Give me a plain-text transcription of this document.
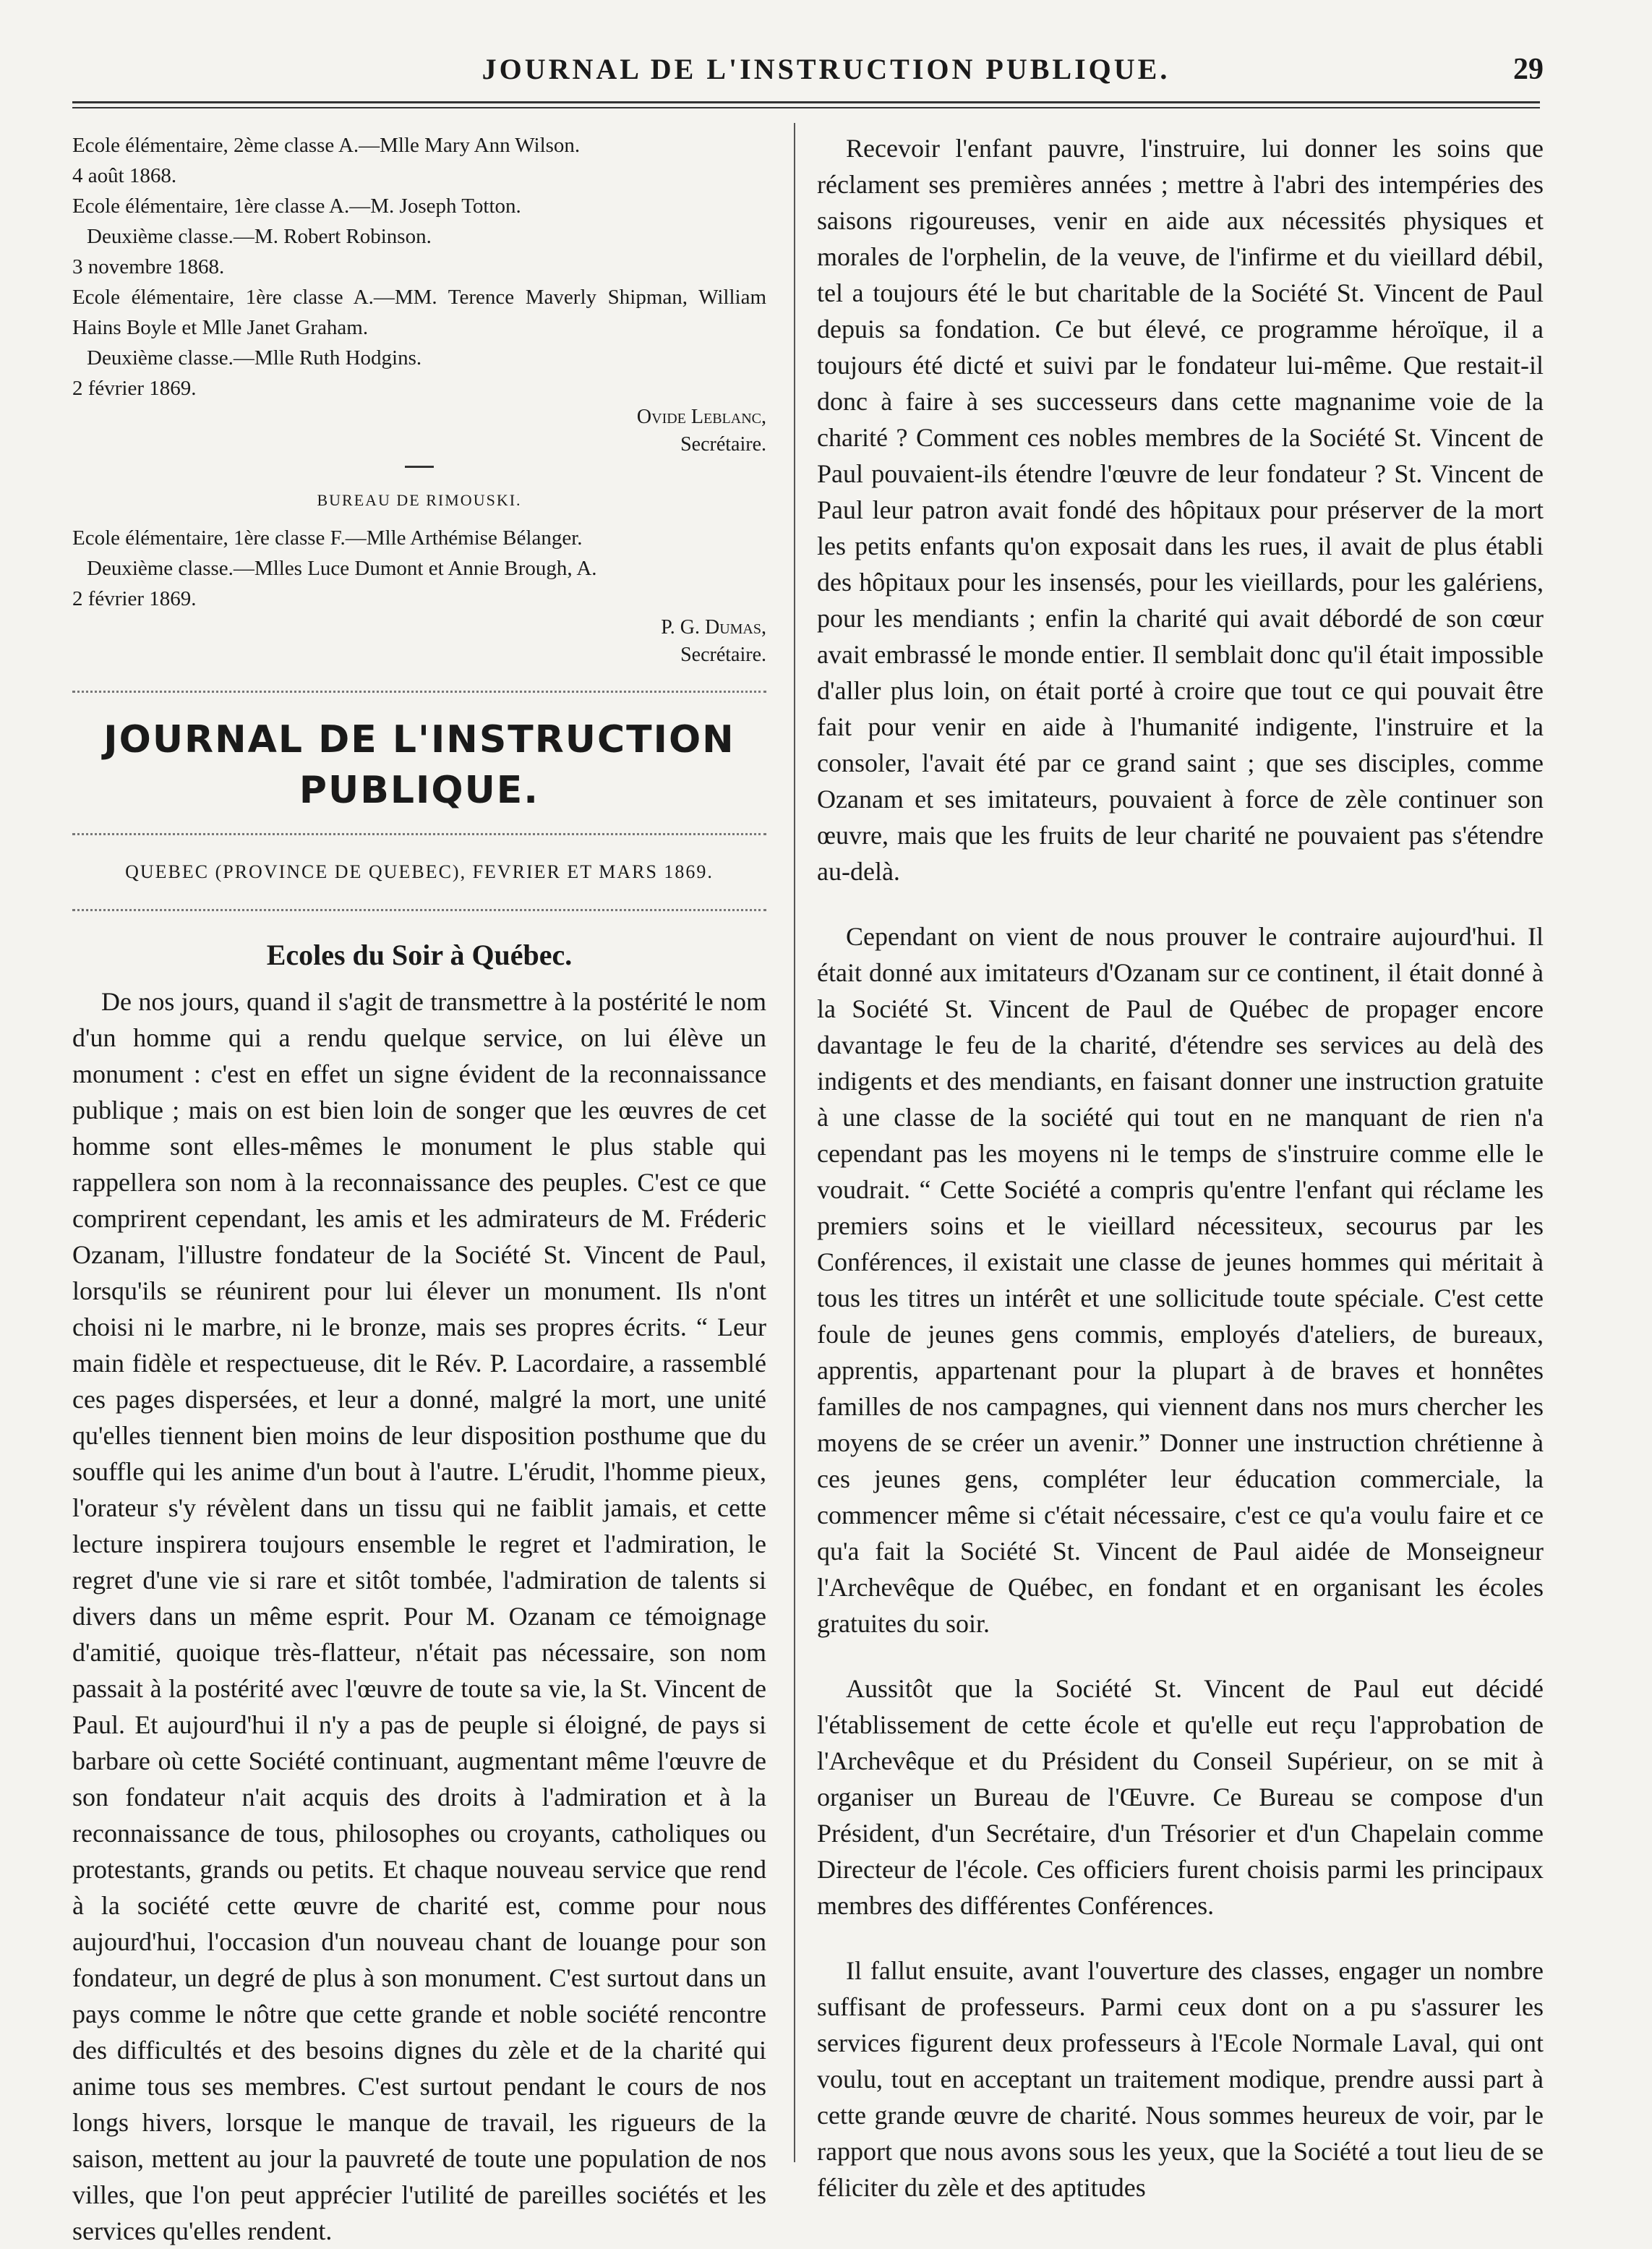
JOURNAL DE L'INSTRUCTION PUBLIQUE.	29

Ecole élémentaire, 2ème classe A.—Mlle Mary Ann Wilson.

4 août 1868.

Ecole élémentaire, 1ère classe A.—M. Joseph Totton.

Deuxième classe.—M. Robert Robinson.

3 novembre 1868.

Ecole élémentaire, 1ère classe A.—MM. Terence Maverly Shipman, William Hains Boyle et Mlle Janet Graham.

Deuxième classe.—Mlle Ruth Hodgins.

2 février 1869.

Ovide Leblanc,
Secrétaire.

BUREAU DE RIMOUSKI.

Ecole élémentaire, 1ère classe F.—Mlle Arthémise Bélanger.

Deuxième classe.—Mlles Luce Dumont et Annie Brough, A.

2 février 1869.

P. G. Dumas,
Secrétaire.

JOURNAL DE L'INSTRUCTION PUBLIQUE.
QUEBEC (PROVINCE DE QUEBEC), FEVRIER ET MARS 1869.
Ecoles du Soir à Québec.

De nos jours, quand il s'agit de transmettre à la postérité le nom d'un homme qui a rendu quelque service, on lui élève un monument : c'est en effet un signe évident de la reconnaissance publique ; mais on est bien loin de songer que les œuvres de cet homme sont elles-mêmes le monument le plus stable qui rappellera son nom à la reconnaissance des peuples. C'est ce que comprirent cependant, les amis et les admirateurs de M. Fréderic Ozanam, l'illustre fondateur de la Société St. Vincent de Paul, lorsqu'ils se réunirent pour lui élever un monument. Ils n'ont choisi ni le marbre, ni le bronze, mais ses propres écrits. “ Leur main fidèle et respectueuse, dit le Rév. P. Lacordaire, a rassemblé ces pages dispersées, et leur a donné, malgré la mort, une unité qu'elles tiennent bien moins de leur disposition posthume que du souffle qui les anime d'un bout à l'autre. L'érudit, l'homme pieux, l'orateur s'y révèlent dans un tissu qui ne faiblit jamais, et cette lecture inspirera toujours ensemble le regret et l'admiration, le regret d'une vie si rare et sitôt tombée, l'admiration de talents si divers dans un même esprit. Pour M. Ozanam ce témoignage d'amitié, quoique très-flatteur, n'était pas nécessaire, son nom passait à la postérité avec l'œuvre de toute sa vie, la St. Vincent de Paul. Et aujourd'hui il n'y a pas de peuple si éloigné, de pays si barbare où cette Société continuant, augmentant même l'œuvre de son fondateur n'ait acquis des droits à l'admiration et à la reconnaissance de tous, philosophes ou croyants, catholiques ou protestants, grands ou petits. Et chaque nouveau service que rend à la société cette œuvre de charité est, comme pour nous aujourd'hui, l'occasion d'un nouveau chant de louange pour son fondateur, un degré de plus à son monument. C'est surtout dans un pays comme le nôtre que cette grande et noble société rencontre des difficultés et des besoins dignes du zèle et de la charité qui anime tous ses membres. C'est surtout pendant le cours de nos longs hivers, lorsque le manque de travail, les rigueurs de la saison, mettent au jour la pauvreté de toute une population de nos villes, que l'on peut apprécier l'utilité de pareilles sociétés et les services qu'elles rendent.

Recevoir l'enfant pauvre, l'instruire, lui donner les soins que réclament ses premières années ; mettre à l'abri des intempéries des saisons rigoureuses, venir en aide aux nécessités physiques et morales de l'orphelin, de la veuve, de l'infirme et du vieillard débil, tel a toujours été le but charitable de la Société St. Vincent de Paul depuis sa fondation. Ce but élevé, ce programme héroïque, il a toujours été dicté et suivi par le fondateur lui-même. Que restait-il donc à faire à ses successeurs dans cette magnanime voie de la charité ? Comment ces nobles membres de la Société St. Vincent de Paul pouvaient-ils étendre l'œuvre de leur fondateur ? St. Vincent de Paul leur patron avait fondé des hôpitaux pour préserver de la mort les petits enfants qu'on exposait dans les rues, il avait de plus établi des hôpitaux pour les insensés, pour les vieillards, pour les galériens, pour les mendiants ; enfin la charité qui avait débordé de son cœur avait embrassé le monde entier. Il semblait donc qu'il était impossible d'aller plus loin, on était porté à croire que tout ce qui pouvait être fait pour venir en aide à l'humanité indigente, l'instruire et la consoler, l'avait été par ce grand saint ; que ses disciples, comme Ozanam et ses imitateurs, pouvaient à force de zèle continuer son œuvre, mais que les fruits de leur charité ne pouvaient pas s'étendre au-delà.

Cependant on vient de nous prouver le contraire aujourd'hui. Il était donné aux imitateurs d'Ozanam sur ce continent, il était donné à la Société St. Vincent de Paul de Québec de propager encore davantage le feu de la charité, d'étendre ses services au delà des indigents et des mendiants, en faisant donner une instruction gratuite à une classe de la société qui tout en ne manquant de rien n'a cependant pas les moyens ni le temps de s'instruire comme elle le voudrait. “ Cette Société a compris qu'entre l'enfant qui réclame les premiers soins et le vieillard nécessiteux, secourus par les Conférences, il existait une classe de jeunes hommes qui méritait à tous les titres un intérêt et une sollicitude toute spéciale. C'est cette foule de jeunes gens commis, employés d'ateliers, de bureaux, apprentis, appartenant pour la plupart à de braves et honnêtes familles de nos campagnes, qui viennent dans nos murs chercher les moyens de se créer un avenir.” Donner une instruction chrétienne à ces jeunes gens, compléter leur éducation commerciale, la commencer même si c'était nécessaire, c'est ce qu'a voulu faire et ce qu'a fait la Société St. Vincent de Paul aidée de Monseigneur l'Archevêque de Québec, en fondant et en organisant les écoles gratuites du soir.

Aussitôt que la Société St. Vincent de Paul eut décidé l'établissement de cette école et qu'elle eut reçu l'approbation de l'Archevêque et du Président du Conseil Supérieur, on se mit à organiser un Bureau de l'Œuvre. Ce Bureau se compose d'un Président, d'un Secrétaire, d'un Trésorier et d'un Chapelain comme Directeur de l'école. Ces officiers furent choisis parmi les principaux membres des différentes Conférences.

Il fallut ensuite, avant l'ouverture des classes, engager un nombre suffisant de professeurs. Parmi ceux dont on a pu s'assurer les services figurent deux professeurs à l'Ecole Normale Laval, qui ont voulu, tout en acceptant un traitement modique, prendre aussi part à cette grande œuvre de charité. Nous sommes heureux de voir, par le rapport que nous avons sous les yeux, que la Société a tout lieu de se féliciter du zèle et des aptitudes
